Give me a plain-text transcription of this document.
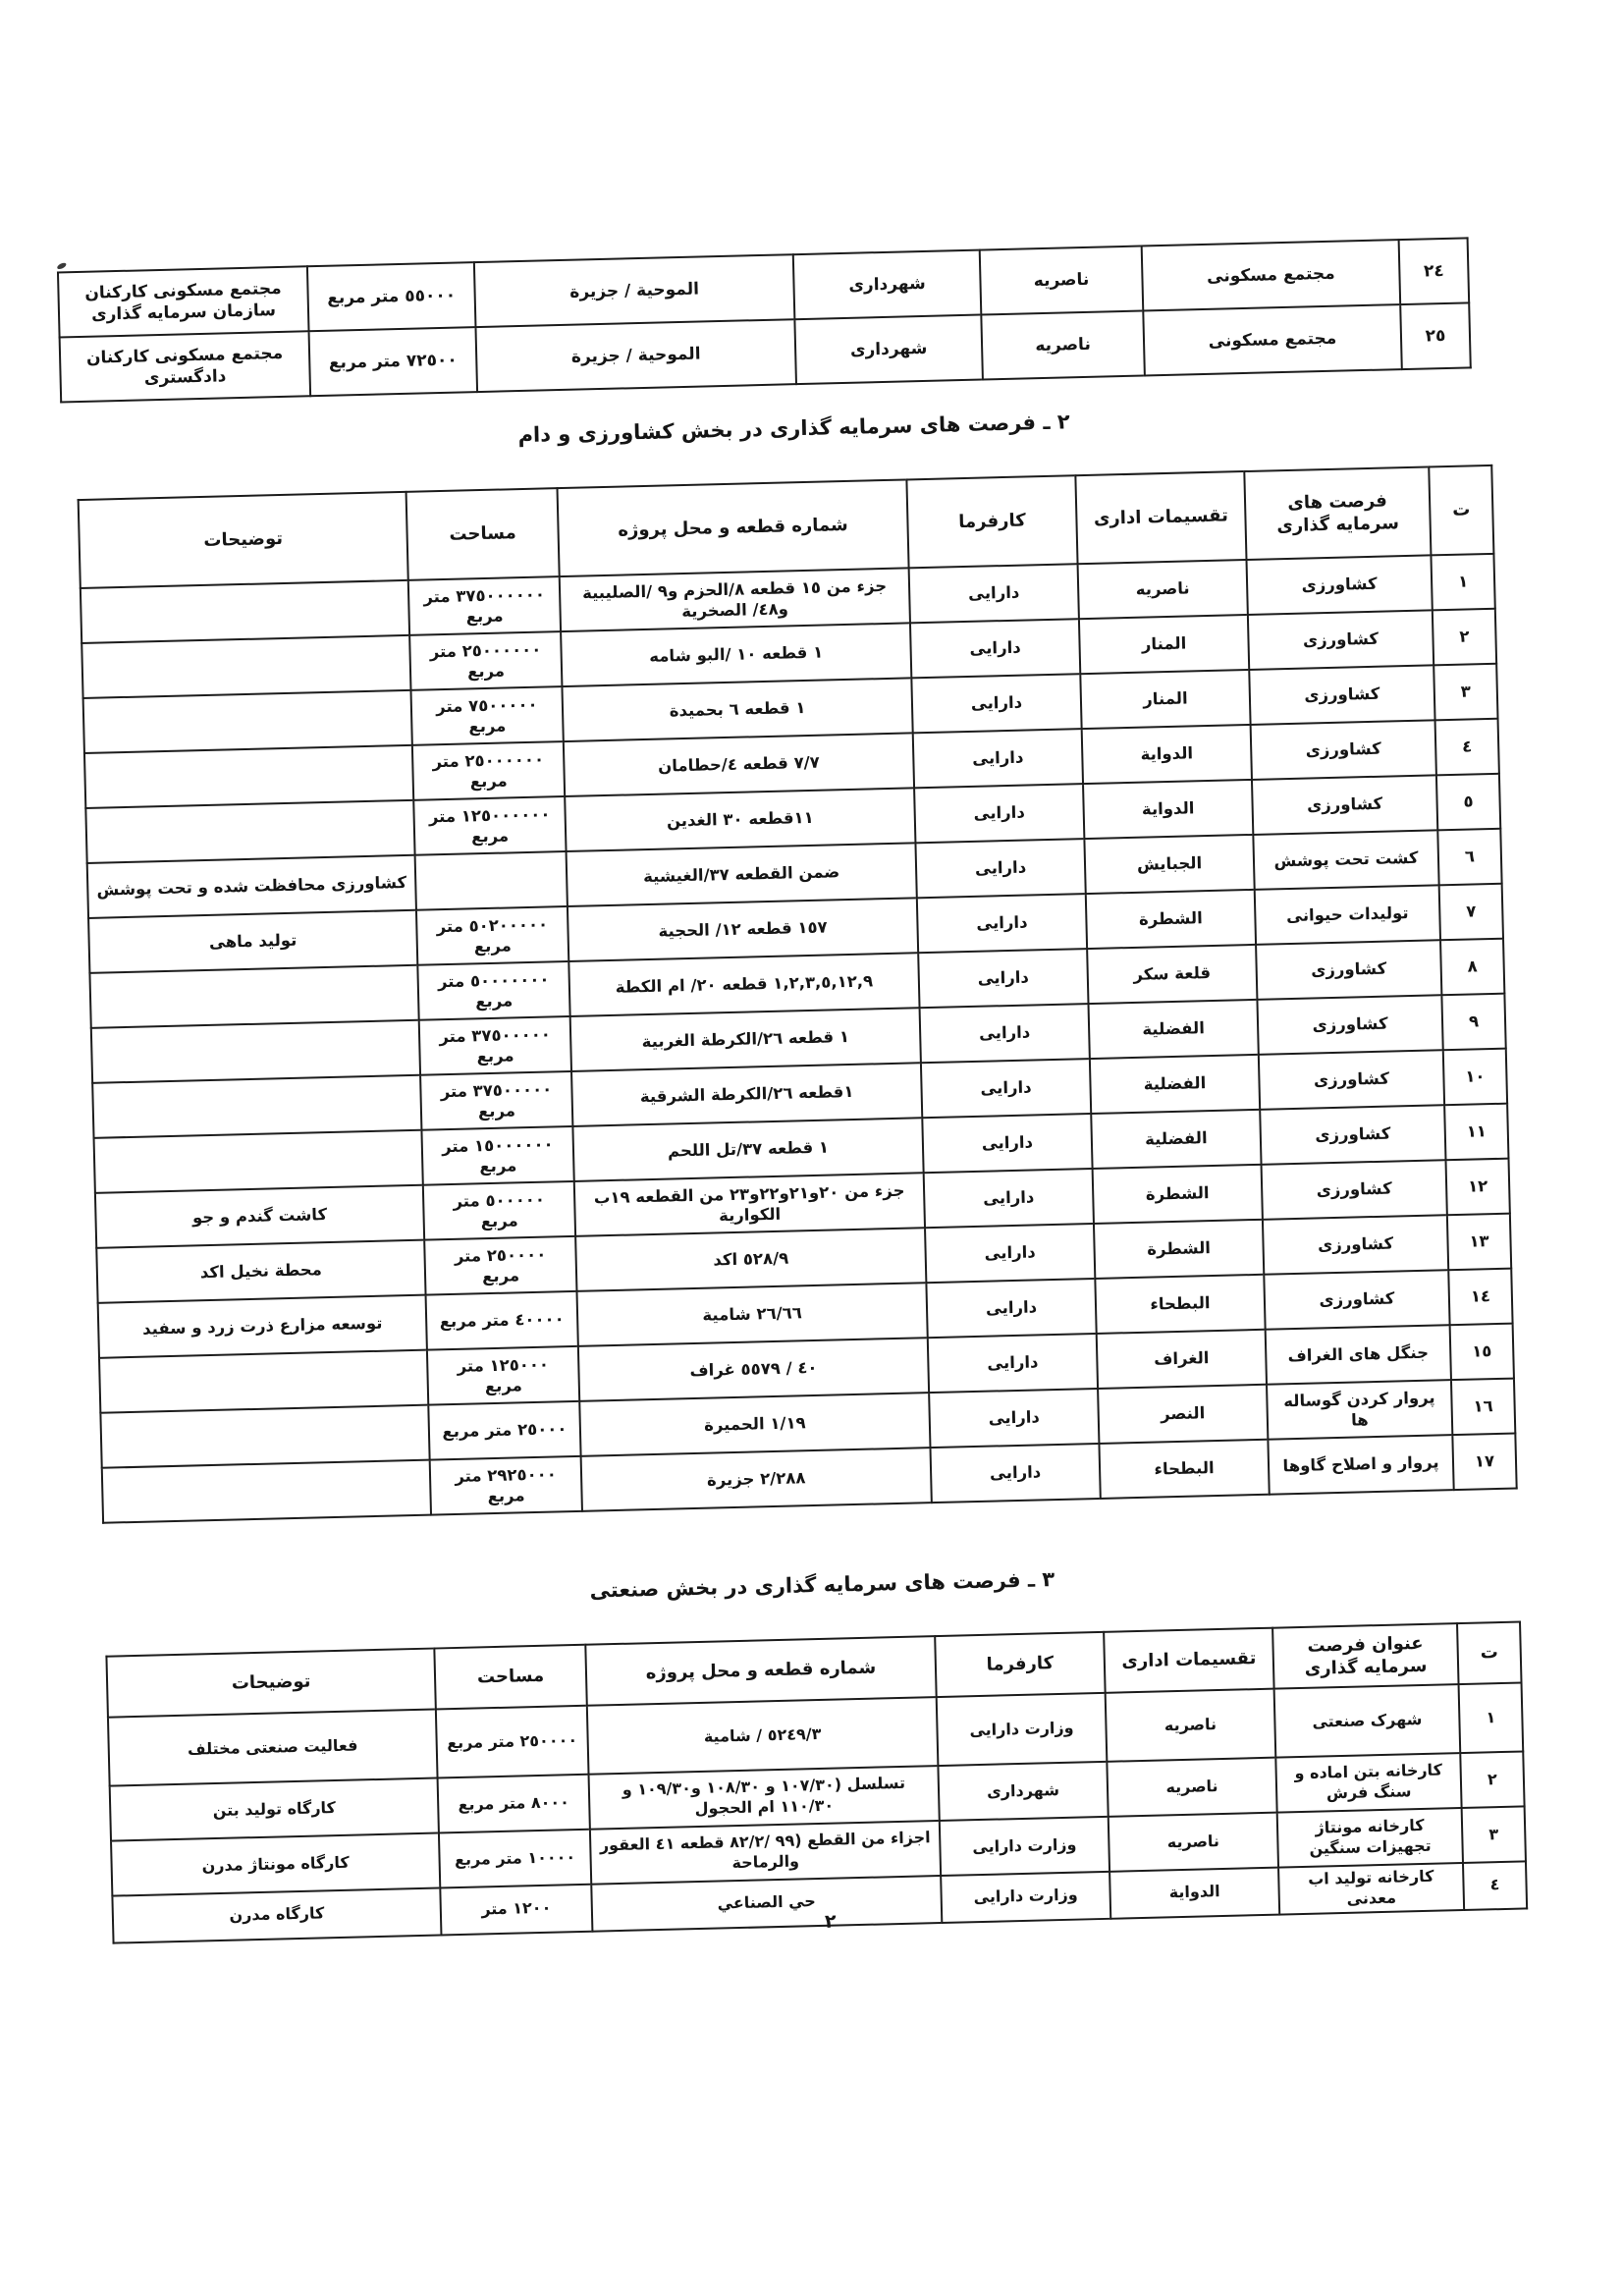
٢٤	مجتمع مسكونى	ناصريه	شهردارى	الموحية / جزيرة	٥٥٠٠٠ متر مربع	مجتمع مسكونى كاركنان سازمان سرمايه گذارى
٢٥	مجتمع مسكونى	ناصريه	شهردارى	الموحية / جزيرة	٧٢٥٠٠ متر مربع	مجتمع مسكونى كاركنان دادگسترى
٢ ـ فرصت هاى سرمايه گذارى در بخش كشاورزى و دام
ت	فرصت هاى سرمايه گذارى	تقسيمات ادارى	كارفرما	شماره قطعه و محل پروژه	مساحت	توضيحات
١	كشاورزى	ناصريه	دارايى	جزء من ١٥ قطعه ٨/الحزم و٩ /الصليبية و٤٨/ الصخرية	٣٧٥٠٠٠٠٠٠ متر مربع	
٢	كشاورزى	المنار	دارايى	١ قطعه ١٠ /البو شامه	٢٥٠٠٠٠٠٠ متر مربع	
٣	كشاورزى	المنار	دارايى	١ قطعه ٦ بحميدة	٧٥٠٠٠٠٠ متر مربع	
٤	كشاورزى	الدواية	دارايى	٧/٧ قطعه ٤/حطامان	٢٥٠٠٠٠٠٠ متر مربع	
٥	كشاورزى	الدواية	دارايى	١١قطعه ٣٠ الغدين	١٢٥٠٠٠٠٠٠ متر مربع	
٦	كشت تحت پوشش	الجبايش	دارايى	ضمن القطعه ٣٧/الغيشية		كشاورزى محافظت شده و تحت پوشش
٧	توليدات حيوانى	الشطرة	دارايى	١٥٧ قطعه ١٢/ الحجية	٥٠٢٠٠٠٠٠ متر مربع	توليد ماهى
٨	كشاورزى	قلعة سكر	دارايى	١,٢,٣,٥,١٢,٩ قطعه ٢٠/ ام الكطة	٥٠٠٠٠٠٠٠ متر مربع	
٩	كشاورزى	الفضلية	دارايى	١ قطعه ٢٦/الكرطة الغربية	٣٧٥٠٠٠٠٠ متر مربع	
١٠	كشاورزى	الفضلية	دارايى	١قطعه ٢٦/الكرطة الشرقية	٣٧٥٠٠٠٠٠ متر مربع	
١١	كشاورزى	الفضلية	دارايى	١ قطعه ٣٧/تل اللحم	١٥٠٠٠٠٠٠ متر مربع	
١٢	كشاورزى	الشطرة	دارايى	جزء من ٢٠و٢١و٢٢و٢٣ من القطعه ١٩ب الكوارية	٥٠٠٠٠٠ متر مربع	كاشت گندم و جو
١٣	كشاورزى	الشطرة	دارايى	٥٢٨/٩ اكد	٢٥٠٠٠٠ متر مربع	محطة نخيل اكد
١٤	كشاورزى	البطحاء	دارايى	٢٦/٦٦ شامية	٤٠٠٠٠ متر مربع	توسعه مزارع ذرت زرد و سفيد
١٥	جنگل هاى الغراف	الغراف	دارايى	٤٠ / ٥٥٧٩ غراف	١٢٥٠٠٠ متر مربع	
١٦	پروار كردن گوساله ها	النصر	دارايى	١/١٩ الحميرة	٢٥٠٠٠ متر مربع	
١٧	پروار و اصلاح گاوها	البطحاء	دارايى	٢/٢٨٨ جزيرة	٢٩٢٥٠٠٠ متر مربع	
٣ ـ فرصت هاى سرمايه گذارى در بخش صنعتى
ت	عنوان فرصت سرمايه گذارى	تقسيمات ادارى	كارفرما	شماره قطعه و محل پروژه	مساحت	توضيحات
١	شهرک صنعتى	ناصريه	وزارت دارايى	٥٢٤٩/٣ / شامية	٢٥٠٠٠٠ متر مربع	فعاليت صنعتى مختلف
٢	كارخانه بتن اماده و سنگ فرش	ناصريه	شهردارى	تسلسل (١٠٧/٣٠ و ١٠٨/٣٠ و١٠٩/٣٠ و ١١٠/٣٠ ام الحجول	٨٠٠٠ متر مربع	كارگاه توليد بتن
٣	كارخانه مونتاژ تجهيزات سنگين	ناصريه	وزارت دارايى	اجزاء من القطع (٩٩ /٨٢/٢ قطعه ٤١ العقور والرماحة	١٠٠٠٠ متر مربع	كارگاه مونتاژ مدرن
٤	كارخانه توليد اب معدنى	الدواية	وزارت دارايى	حي الصناعي	١٢٠٠ متر	كارگاه مدرن	٢
